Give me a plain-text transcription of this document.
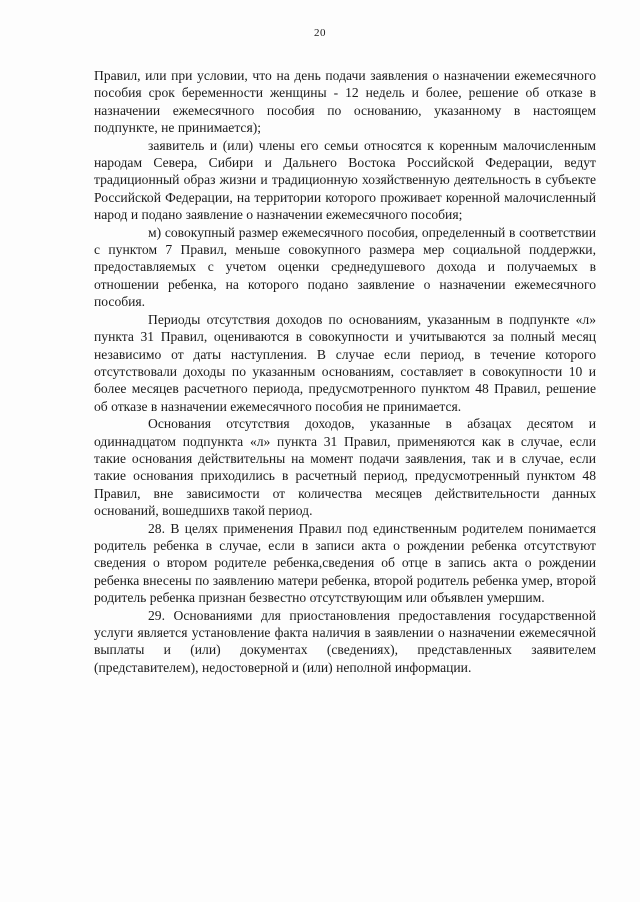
20

Правил, или при условии, что на день подачи заявления о назначении ежемесячного пособия срок беременности женщины - 12 недель и более, решение об отказе в назначении ежемесячного пособия по основанию, указанному в настоящем подпункте, не принимается);

заявитель и (или) члены его семьи относятся к коренным малочисленным народам Севера, Сибири и Дальнего Востока Российской Федерации, ведут традиционный образ жизни и традиционную хозяйственную деятельность в субъекте Российской Федерации, на территории которого проживает коренной малочисленный народ и подано заявление о назначении ежемесячного пособия;

м) совокупный размер ежемесячного пособия, определенный в соответствии с пунктом 7 Правил, меньше совокупного размера мер социальной поддержки, предоставляемых с учетом оценки среднедушевого дохода и получаемых в отношении ребенка, на которого подано заявление о назначении ежемесячного пособия.

Периоды отсутствия доходов по основаниям, указанным в подпункте «л» пункта 31 Правил, оцениваются в совокупности и учитываются за полный месяц независимо от даты наступления. В случае если период, в течение которого отсутствовали доходы по указанным основаниям, составляет в совокупности 10 и более месяцев расчетного периода, предусмотренного пунктом 48 Правил, решение об отказе в назначении ежемесячного пособия не принимается.

Основания отсутствия доходов, указанные в абзацах десятом и одиннадцатом подпункта «л» пункта 31 Правил, применяются как в случае, если такие основания действительны на момент подачи заявления, так и в случае, если такие основания приходились в расчетный период, предусмотренный пунктом 48 Правил, вне зависимости от количества месяцев действительности данных оснований, вошедшихв такой период.

28. В целях применения Правил под единственным родителем понимается родитель ребенка в случае, если в записи акта о рождении ребенка отсутствуют сведения о втором родителе ребенка,сведения об отце в запись акта о рождении ребенка внесены по заявлению матери ребенка, второй родитель ребенка умер, второй родитель ребенка признан безвестно отсутствующим или объявлен умершим.

29. Основаниями для приостановления предоставления государственной услуги является установление факта наличия в заявлении о назначении ежемесячной выплаты и (или) документах (сведениях), представленных заявителем (представителем), недостоверной и (или) неполной информации.
